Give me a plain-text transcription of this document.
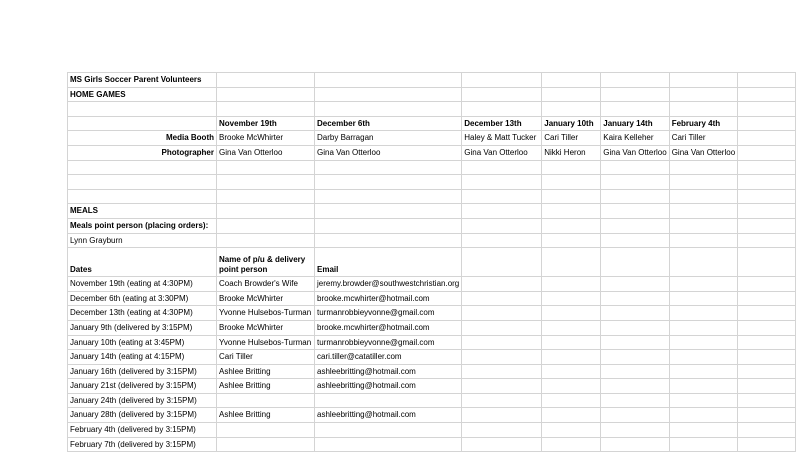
MS Girls Soccer Parent Volunteers							
HOME GAMES							

	November 19th	December 6th	December 13th	January 10th	January 14th	February 4th	
Media Booth	Brooke McWhirter	Darby Barragan	Haley & Matt Tucker	Cari Tiller	Kaira Kelleher	Cari Tiller	
Photographer	Gina Van Otterloo	Gina Van Otterloo	Gina Van Otterloo	Nikki Heron	Gina Van Otterloo	Gina Van Otterloo	

MEALS							
Meals point person (placing orders):							
Lynn Grayburn							
Dates	Name of p/u & delivery point person	Email					
November 19th (eating at 4:30PM)	Coach Browder's Wife	jeremy.browder@southwestchristian.org					
December 6th (eating at 3:30PM)	Brooke McWhirter	brooke.mcwhirter@hotmail.com					
December 13th (eating at 4:30PM)	Yvonne Hulsebos-Turman	turmanrobbieyvonne@gmail.com					
January 9th (delivered by 3:15PM)	Brooke McWhirter	brooke.mcwhirter@hotmail.com					
January 10th (eating at 3:45PM)	Yvonne Hulsebos-Turman	turmanrobbieyvonne@gmail.com					
January 14th (eating at 4:15PM)	Cari Tiller	cari.tiller@catatiller.com					
January 16th (delivered by 3:15PM)	Ashlee Britting	ashleebritting@hotmail.com					
January 21st (delivered by 3:15PM)	Ashlee Britting	ashleebritting@hotmail.com					
January 24th (delivered by 3:15PM)							
January 28th (delivered by 3:15PM)	Ashlee Britting	ashleebritting@hotmail.com					
February 4th (delivered by 3:15PM)							
February 7th (delivered by 3:15PM)							
